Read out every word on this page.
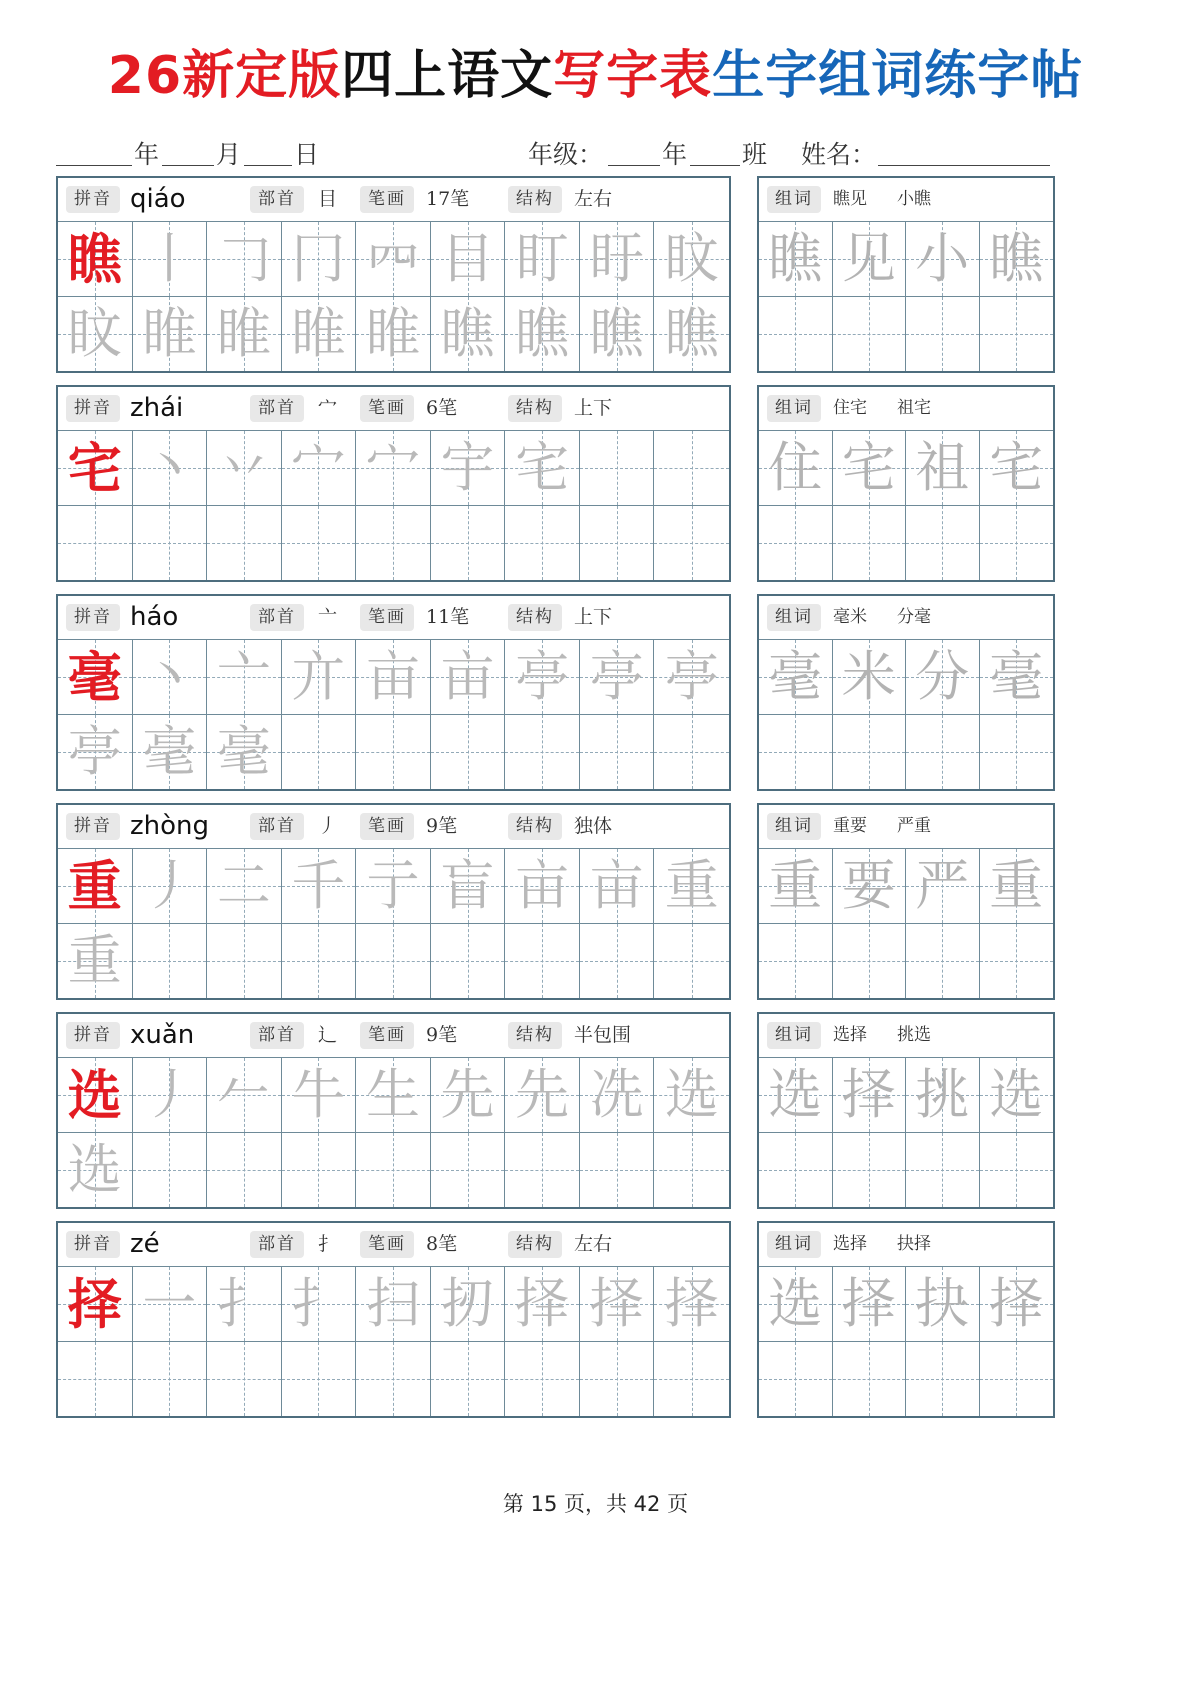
26新定版四上语文写字表生字组词练字帖
年 月 日	年级： 年 班 姓名：
拼音 qiáo	部首	目	笔画	17笔	结构	左右
瞧 丨 𠃌 冂 𦉪 目 盯 盱 盿
盿 睢 睢 睢 睢 瞧 瞧 瞧 瞧
组词	瞧见 小瞧
瞧 见 小 瞧
拼音 zhái	部首	宀	笔画	6笔	结构	上下
宅 丶 丷 宀 宀 宇 宅
组词	住宅 祖宅
住 宅 祖 宅
拼音 háo	部首	亠	笔画	11笔	结构	上下
毫 丶 亠 亣 亩 亩 亭 亭 亭
亭 毫 毫
组词	毫米 分毫
毫 米 分 毫
拼音 zhòng	部首	丿	笔画	9笔	结构	独体
重 丿 二 千 亍 盲 亩 亩 重
重
组词	重要 严重
重 要 严 重
拼音 xuǎn	部首	辶	笔画	9笔	结构	半包围
选 丿 𠂉 牛 生 先 先 冼 选
选
组词	选择 挑选
选 择 挑 选
拼音 zé	部首	扌	笔画	8笔	结构	左右
择 一 扌 扌 扫 扨 择 择 择
组词	选择 抉择
选 择 抉 择
第 15 页，共 42 页
